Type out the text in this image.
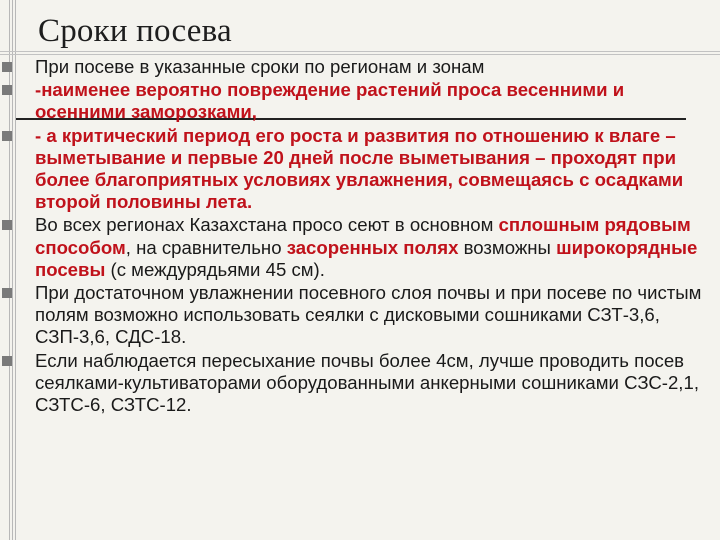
Сроки посева
При посеве в указанные сроки по регионам и зонам
-наименее вероятно повреждение растений проса весенними и осенними заморозками,
- а критический период его роста и развития по отношению к влаге – выметывание и первые 20 дней после выметывания – проходят при более благоприятных условиях увлажнения, совмещаясь с осадками второй половины лета.
Во всех регионах Казахстана просо сеют в основном сплошным рядовым способом, на сравнительно засоренных полях возможны широкорядные посевы (с междурядьями 45 см).
При достаточном увлажнении посевного слоя почвы и при посеве по чистым полям возможно использовать сеялки с дисковыми сошниками СЗТ-3,6, СЗП-3,6, СДС-18.
Если наблюдается пересыхание почвы более 4см, лучше проводить посев сеялками-культиваторами оборудованными анкерными сошниками СЗС-2,1, СЗТС-6, СЗТС-12.
